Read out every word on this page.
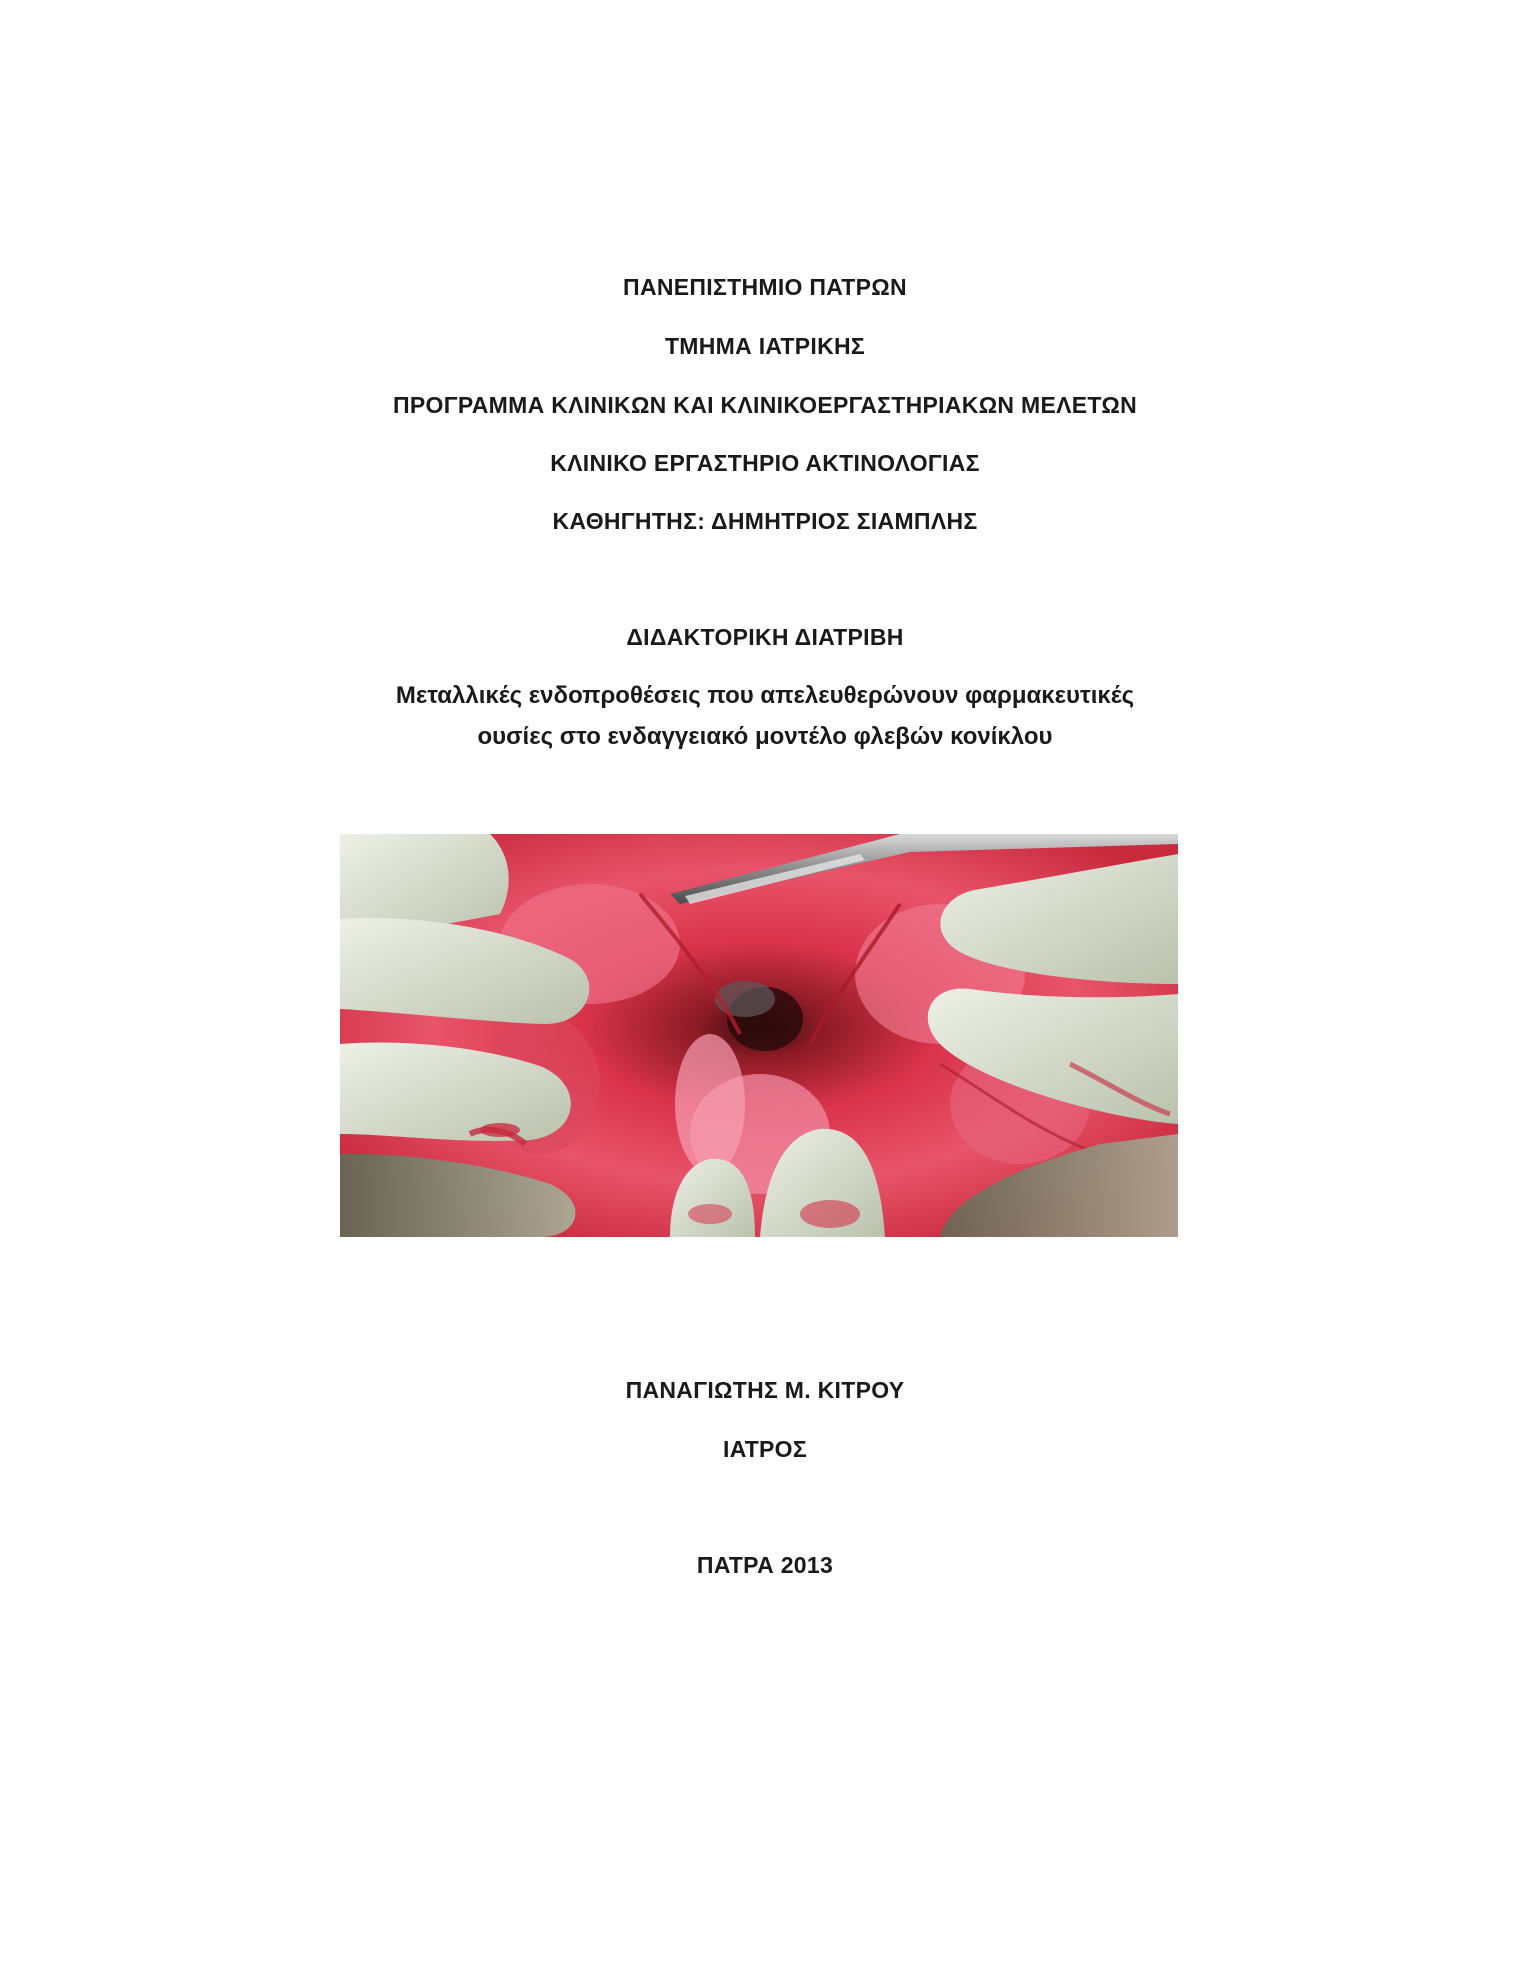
ΠΑΝΕΠΙΣΤΗΜΙΟ ΠΑΤΡΩΝ
ΤΜΗΜΑ ΙΑΤΡΙΚΗΣ
ΠΡΟΓΡΑΜΜΑ ΚΛΙΝΙΚΩΝ ΚΑΙ ΚΛΙΝΙΚΟΕΡΓΑΣΤΗΡΙΑΚΩΝ ΜΕΛΕΤΩΝ
ΚΛΙΝΙΚΟ ΕΡΓΑΣΤΗΡΙΟ ΑΚΤΙΝΟΛΟΓΙΑΣ
ΚΑΘΗΓΗΤΗΣ: ΔΗΜΗΤΡΙΟΣ ΣΙΑΜΠΛΗΣ
ΔΙΔΑΚΤΟΡΙΚΗ ΔΙΑΤΡΙΒΗ
Μεταλλικές ενδοπροθέσεις που απελευθερώνουν φαρμακευτικές
ουσίες στο ενδαγγειακό μοντέλο φλεβών κονίκλου
ΠΑΝΑΓΙΩΤΗΣ Μ. ΚΙΤΡΟΥ
ΙΑΤΡΟΣ
ΠΑΤΡΑ 2013
